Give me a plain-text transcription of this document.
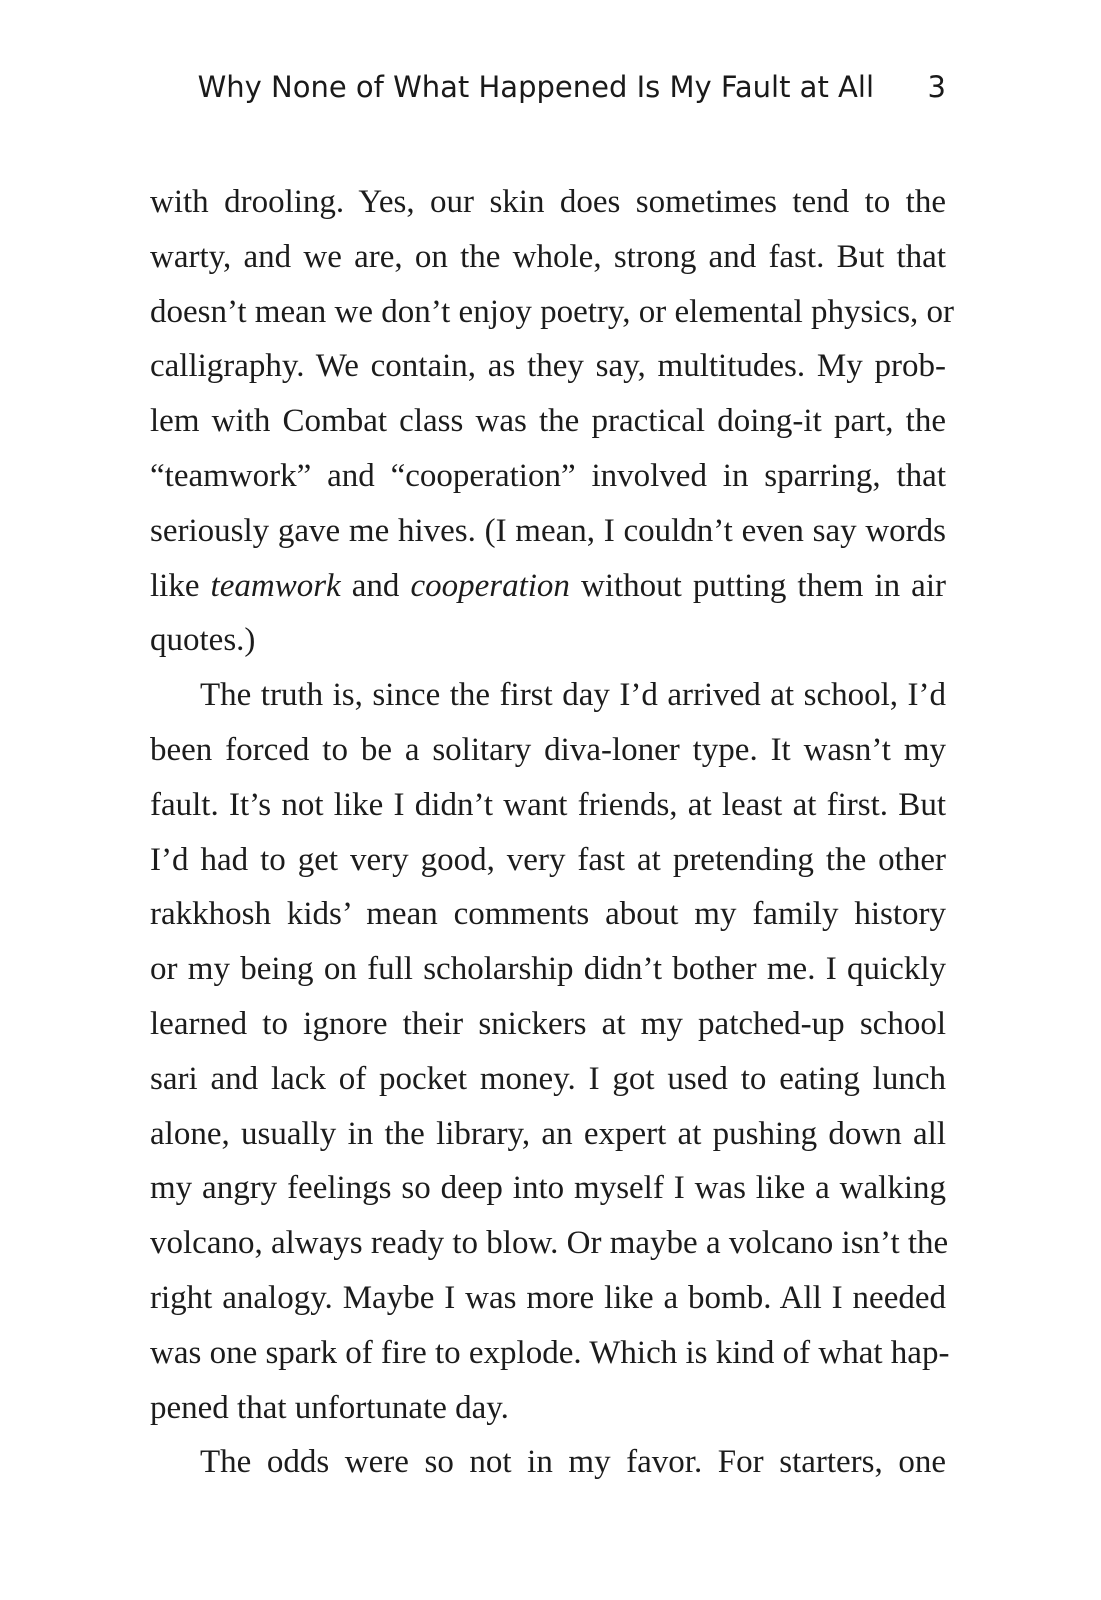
Why None of What Happened Is My Fault at All 3
with drooling. Yes, our skin does sometimes tend to the
warty, and we are, on the whole, strong and fast. But that
doesn’t mean we don’t enjoy poetry, or elemental physics, or
calligraphy. We contain, as they say, multitudes. My prob-
lem with Combat class was the practical doing-it part, the
“teamwork” and “cooperation” involved in sparring, that
seriously gave me hives. (I mean, I couldn’t even say words
like teamwork and cooperation without putting them in air
quotes.)
The truth is, since the first day I’d arrived at school, I’d
been forced to be a solitary diva-loner type. It wasn’t my
fault. It’s not like I didn’t want friends, at least at first. But
I’d had to get very good, very fast at pretending the other
rakkhosh kids’ mean comments about my family history
or my being on full scholarship didn’t bother me. I quickly
learned to ignore their snickers at my patched-up school
sari and lack of pocket money. I got used to eating lunch
alone, usually in the library, an expert at pushing down all
my angry feelings so deep into myself I was like a walking
volcano, always ready to blow. Or maybe a volcano isn’t the
right analogy. Maybe I was more like a bomb. All I needed
was one spark of fire to explode. Which is kind of what hap-
pened that unfortunate day.
The odds were so not in my favor. For starters, one
